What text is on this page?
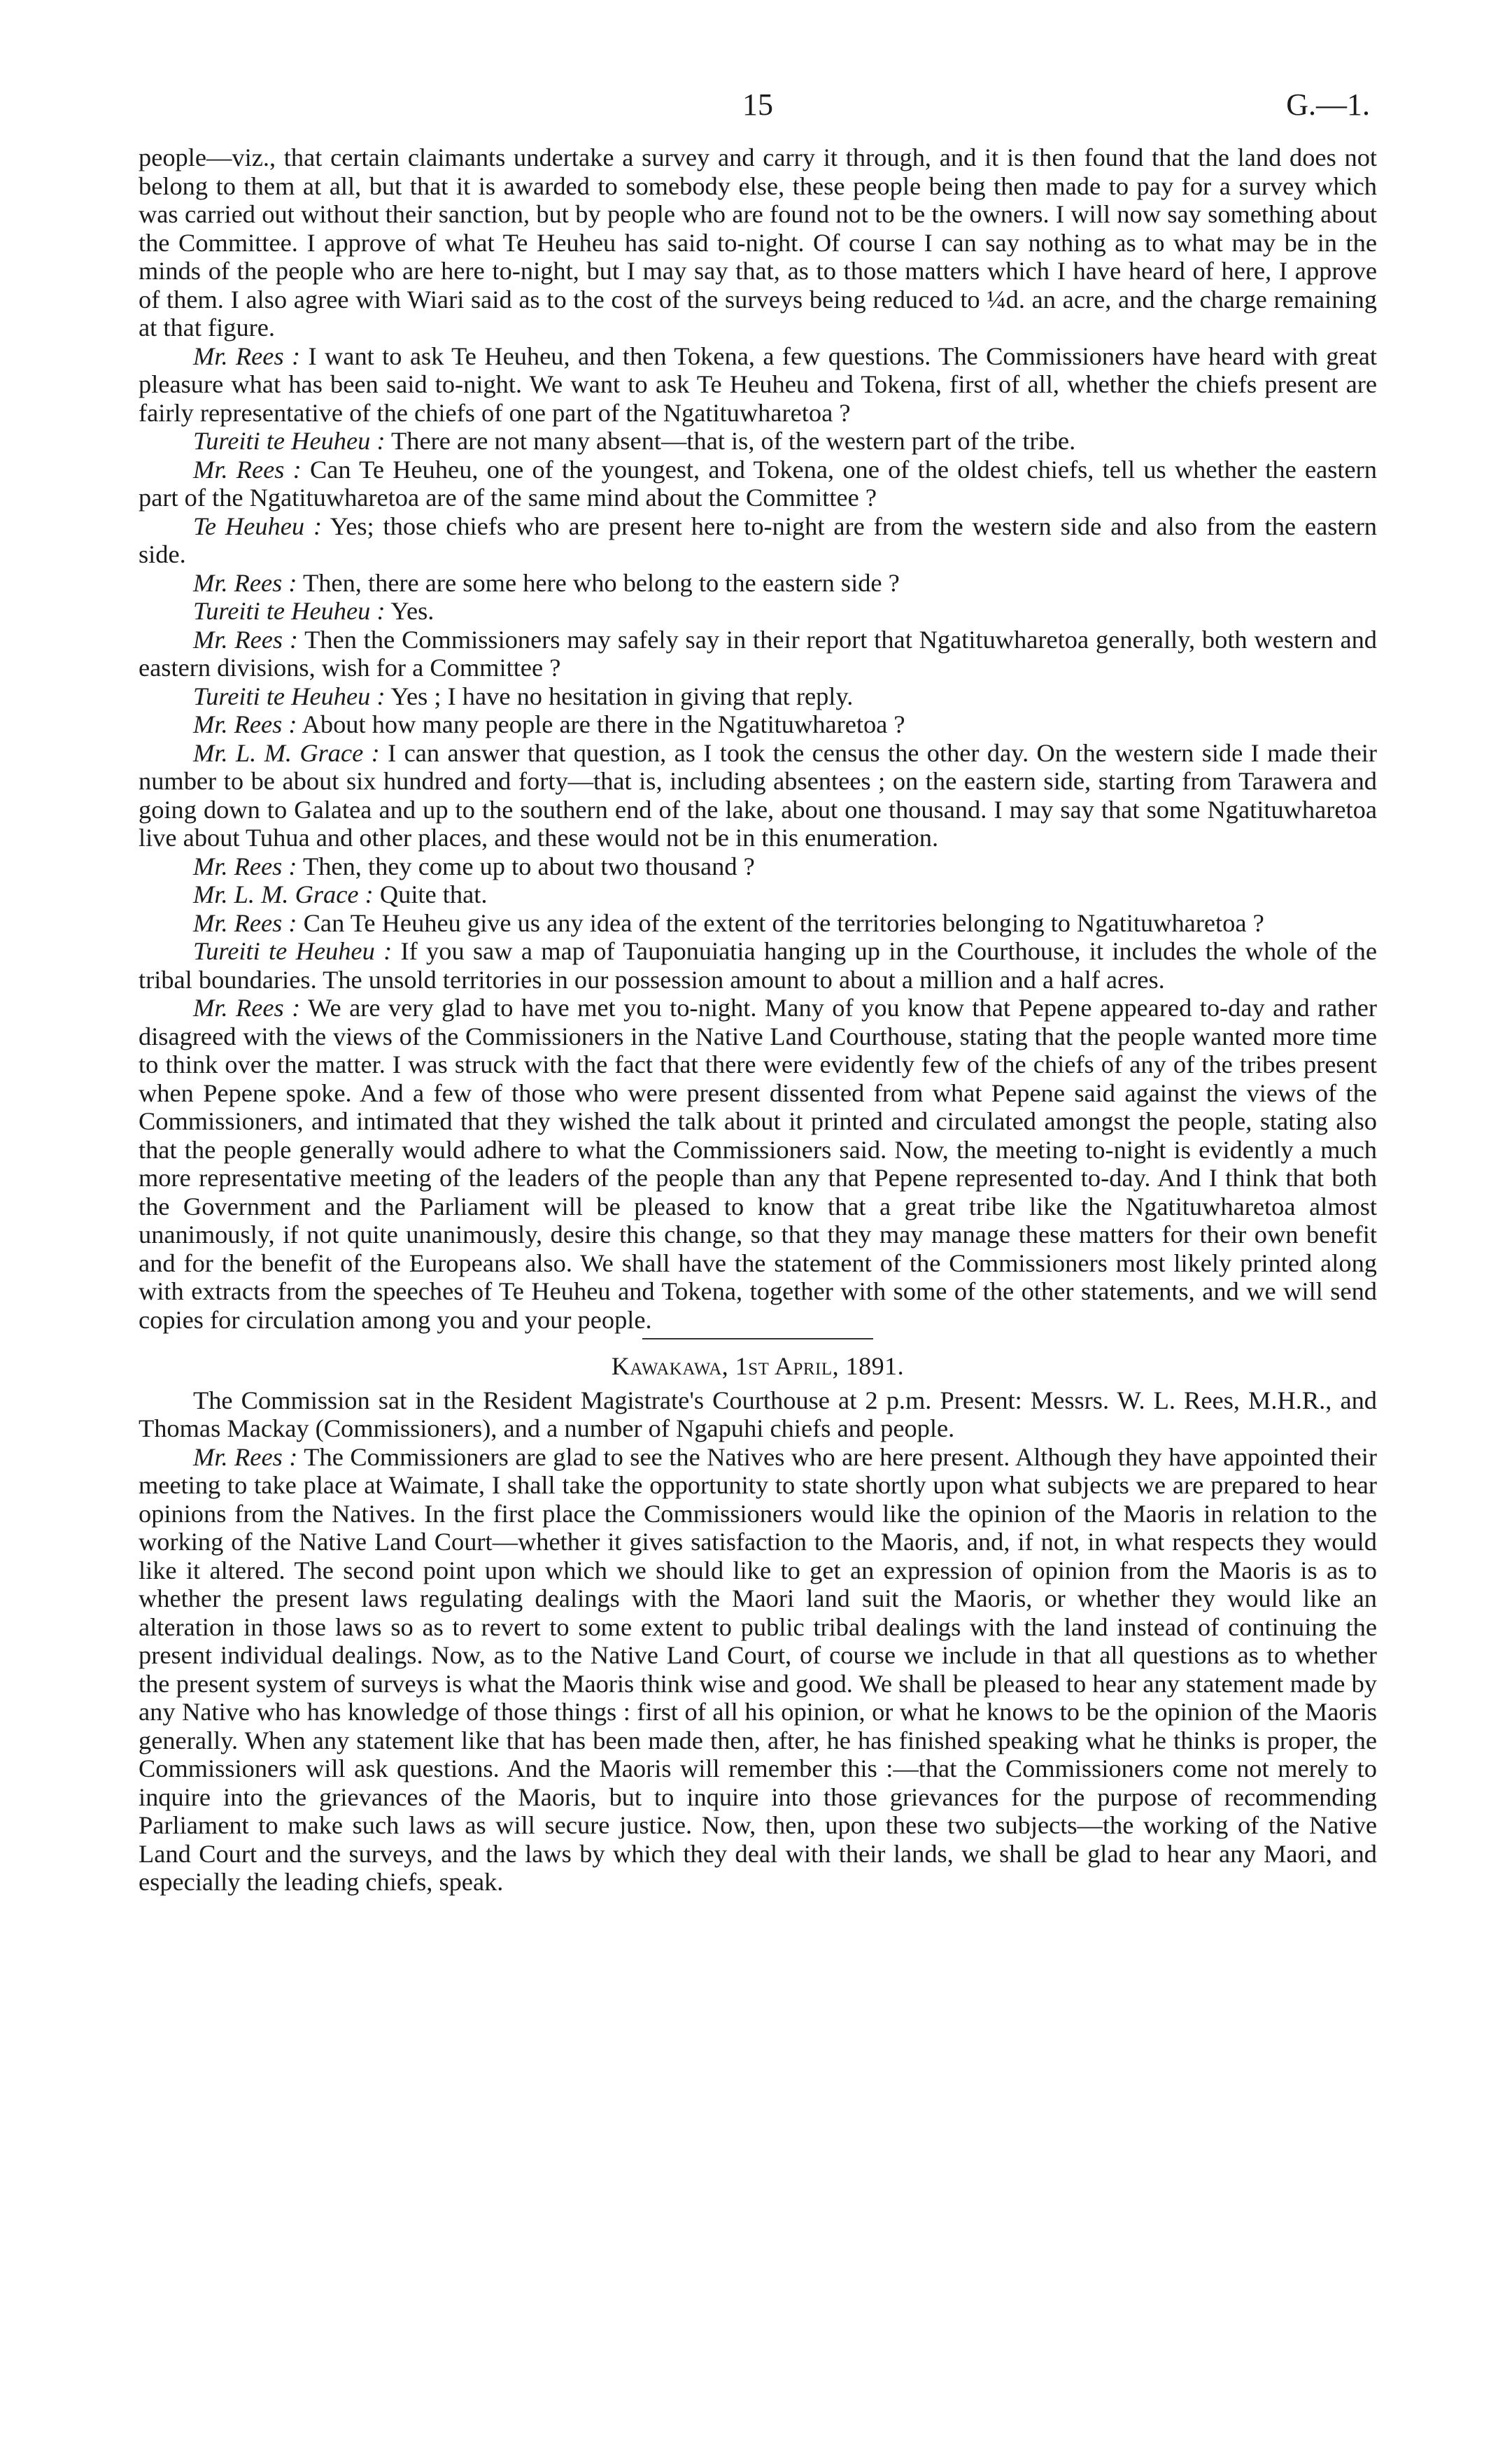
15	G.—1.

people—viz., that certain claimants undertake a survey and carry it through, and it is then found that the land does not belong to them at all, but that it is awarded to somebody else, these people being then made to pay for a survey which was carried out without their sanction, but by people who are found not to be the owners. I will now say something about the Committee. I approve of what Te Heuheu has said to-night. Of course I can say nothing as to what may be in the minds of the people who are here to-night, but I may say that, as to those matters which I have heard of here, I approve of them. I also agree with Wiari said as to the cost of the surveys being reduced to ¼d. an acre, and the charge remaining at that figure.

Mr. Rees : I want to ask Te Heuheu, and then Tokena, a few questions. The Commissioners have heard with great pleasure what has been said to-night. We want to ask Te Heuheu and Tokena, first of all, whether the chiefs present are fairly representative of the chiefs of one part of the Ngatituwharetoa ?

Tureiti te Heuheu : There are not many absent—that is, of the western part of the tribe.

Mr. Rees : Can Te Heuheu, one of the youngest, and Tokena, one of the oldest chiefs, tell us whether the eastern part of the Ngatituwharetoa are of the same mind about the Committee ?

Te Heuheu : Yes; those chiefs who are present here to-night are from the western side and also from the eastern side.

Mr. Rees : Then, there are some here who belong to the eastern side ?

Tureiti te Heuheu : Yes.

Mr. Rees : Then the Commissioners may safely say in their report that Ngatituwharetoa generally, both western and eastern divisions, wish for a Committee ?

Tureiti te Heuheu : Yes ; I have no hesitation in giving that reply.

Mr. Rees : About how many people are there in the Ngatituwharetoa ?

Mr. L. M. Grace : I can answer that question, as I took the census the other day. On the western side I made their number to be about six hundred and forty—that is, including absentees ; on the eastern side, starting from Tarawera and going down to Galatea and up to the southern end of the lake, about one thousand. I may say that some Ngatituwharetoa live about Tuhua and other places, and these would not be in this enumeration.

Mr. Rees : Then, they come up to about two thousand ?

Mr. L. M. Grace : Quite that.

Mr. Rees : Can Te Heuheu give us any idea of the extent of the territories belonging to Ngatituwharetoa ?

Tureiti te Heuheu : If you saw a map of Tauponuiatia hanging up in the Courthouse, it includes the whole of the tribal boundaries. The unsold territories in our possession amount to about a million and a half acres.

Mr. Rees : We are very glad to have met you to-night. Many of you know that Pepene appeared to-day and rather disagreed with the views of the Commissioners in the Native Land Courthouse, stating that the people wanted more time to think over the matter. I was struck with the fact that there were evidently few of the chiefs of any of the tribes present when Pepene spoke. And a few of those who were present dissented from what Pepene said against the views of the Commissioners, and intimated that they wished the talk about it printed and circulated amongst the people, stating also that the people generally would adhere to what the Commissioners said. Now, the meeting to-night is evidently a much more representative meeting of the leaders of the people than any that Pepene represented to-day. And I think that both the Government and the Parliament will be pleased to know that a great tribe like the Ngatituwharetoa almost unanimously, if not quite unanimously, desire this change, so that they may manage these matters for their own benefit and for the benefit of the Europeans also. We shall have the statement of the Commissioners most likely printed along with extracts from the speeches of Te Heuheu and Tokena, together with some of the other statements, and we will send copies for circulation among you and your people.

Kawakawa, 1st April, 1891.

The Commission sat in the Resident Magistrate's Courthouse at 2 p.m. Present: Messrs. W. L. Rees, M.H.R., and Thomas Mackay (Commissioners), and a number of Ngapuhi chiefs and people.

Mr. Rees : The Commissioners are glad to see the Natives who are here present. Although they have appointed their meeting to take place at Waimate, I shall take the opportunity to state shortly upon what subjects we are prepared to hear opinions from the Natives. In the first place the Commissioners would like the opinion of the Maoris in relation to the working of the Native Land Court—whether it gives satisfaction to the Maoris, and, if not, in what respects they would like it altered. The second point upon which we should like to get an expression of opinion from the Maoris is as to whether the present laws regulating dealings with the Maori land suit the Maoris, or whether they would like an alteration in those laws so as to revert to some extent to public tribal dealings with the land instead of continuing the present individual dealings. Now, as to the Native Land Court, of course we include in that all questions as to whether the present system of surveys is what the Maoris think wise and good. We shall be pleased to hear any statement made by any Native who has knowledge of those things : first of all his opinion, or what he knows to be the opinion of the Maoris generally. When any statement like that has been made then, after, he has finished speaking what he thinks is proper, the Commissioners will ask questions. And the Maoris will remember this :—that the Commissioners come not merely to inquire into the grievances of the Maoris, but to inquire into those grievances for the purpose of recommending Parliament to make such laws as will secure justice. Now, then, upon these two subjects—the working of the Native Land Court and the surveys, and the laws by which they deal with their lands, we shall be glad to hear any Maori, and especially the leading chiefs, speak.
